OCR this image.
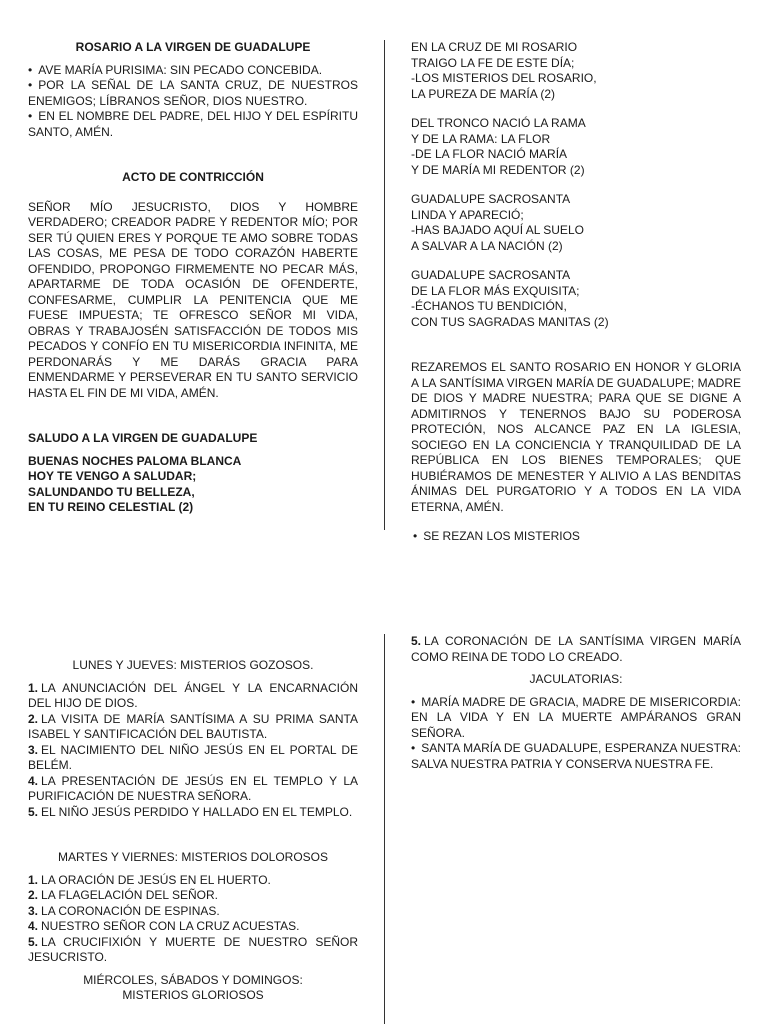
ROSARIO A LA VIRGEN DE GUADALUPE

• AVE MARÍA PURISIMA: SIN PECADO CONCEBIDA.

• POR LA SEÑAL DE LA SANTA CRUZ, DE NUESTROS ENEMIGOS; LÍBRANOS SEÑOR, DIOS NUESTRO.

• EN EL NOMBRE DEL PADRE, DEL HIJO Y DEL ESPÍRITU SANTO, AMÉN.

ACTO DE CONTRICCIÓN

SEÑOR MÍO JESUCRISTO, DIOS Y HOMBRE VERDADERO; CREADOR PADRE Y REDENTOR MÍO; POR SER TÚ QUIEN ERES Y PORQUE TE AMO SOBRE TODAS LAS COSAS, ME PESA DE TODO CORAZÓN HABERTE OFENDIDO, PROPONGO FIRMEMENTE NO PECAR MÁS, APARTARME DE TODA OCASIÓN DE OFENDERTE, CONFESARME, CUMPLIR LA PENITENCIA QUE ME FUESE IMPUESTA; TE OFRESCO SEÑOR MI VIDA, OBRAS Y TRABAJOSÉN SATISFACCIÓN DE TODOS MIS PECADOS Y CONFÍO EN TU MISERICORDIA INFINITA, ME PERDONARÁS Y ME DARÁS GRACIA PARA ENMENDARME Y PERSEVERAR EN TU SANTO SERVICIO HASTA EL FIN DE MI VIDA, AMÉN.

SALUDO A LA VIRGEN DE GUADALUPE

BUENAS NOCHES PALOMA BLANCA

HOY TE VENGO A SALUDAR;

SALUNDANDO TU BELLEZA,

EN TU REINO CELESTIAL (2)

EN LA CRUZ DE MI ROSARIO

TRAIGO LA FE DE ESTE DÍA;

-LOS MISTERIOS DEL ROSARIO,

LA PUREZA DE MARÍA (2)

DEL TRONCO NACIÓ LA RAMA

Y DE LA RAMA: LA FLOR

-DE LA FLOR NACIÓ MARÍA

Y DE MARÍA MI REDENTOR (2)

GUADALUPE SACROSANTA

LINDA Y APARECIÓ;

-HAS BAJADO AQUÍ AL SUELO

A SALVAR A LA NACIÓN (2)

GUADALUPE SACROSANTA

DE LA FLOR MÁS EXQUISITA;

-ÉCHANOS TU BENDICIÓN,

CON TUS SAGRADAS MANITAS (2)

REZAREMOS EL SANTO ROSARIO EN HONOR Y GLORIA A LA SANTÍSIMA VIRGEN MARÍA DE GUADALUPE; MADRE DE DIOS Y MADRE NUESTRA; PARA QUE SE DIGNE A ADMITIRNOS Y TENERNOS BAJO SU PODEROSA PROTECIÓN, NOS ALCANCE PAZ EN LA IGLESIA, SOCIEGO EN LA CONCIENCIA Y TRANQUILIDAD DE LA REPÚBLICA EN LOS BIENES TEMPORALES; QUE HUBIÉRAMOS DE MENESTER Y ALIVIO A LAS BENDITAS ÁNIMAS DEL PURGATORIO Y A TODOS EN LA VIDA ETERNA, AMÉN.

• SE REZAN LOS MISTERIOS

LUNES Y JUEVES: MISTERIOS GOZOSOS.

1. LA ANUNCIACIÓN DEL ÁNGEL Y LA ENCARNACIÓN DEL HIJO DE DIOS.

2. LA VISITA DE MARÍA SANTÍSIMA A SU PRIMA SANTA ISABEL Y SANTIFICACIÓN DEL BAUTISTA.

3. EL NACIMIENTO DEL NIÑO JESÚS EN EL PORTAL DE BELÉM.

4. LA PRESENTACIÓN DE JESÚS EN EL TEMPLO Y LA PURIFICACIÓN DE NUESTRA SEÑORA.

5. EL NIÑO JESÚS PERDIDO Y HALLADO EN EL TEMPLO.

MARTES Y VIERNES: MISTERIOS DOLOROSOS

1. LA ORACIÓN DE JESÚS EN EL HUERTO.

2. LA FLAGELACIÓN DEL SEÑOR.

3. LA CORONACIÓN DE ESPINAS.

4. NUESTRO SEÑOR CON LA CRUZ ACUESTAS.

5. LA CRUCIFIXIÓN Y MUERTE DE NUESTRO SEÑOR JESUCRISTO.

MIÉRCOLES, SÁBADOS Y DOMINGOS: MISTERIOS GLORIOSOS

5. LA CORONACIÓN DE LA SANTÍSIMA VIRGEN MARÍA COMO REINA DE TODO LO CREADO.

JACULATORIAS:

• MARÍA MADRE DE GRACIA, MADRE DE MISERICORDIA: EN LA VIDA Y EN LA MUERTE AMPÁRANOS GRAN SEÑORA.

• SANTA MARÍA DE GUADALUPE, ESPERANZA NUESTRA: SALVA NUESTRA PATRIA Y CONSERVA NUESTRA FE.
